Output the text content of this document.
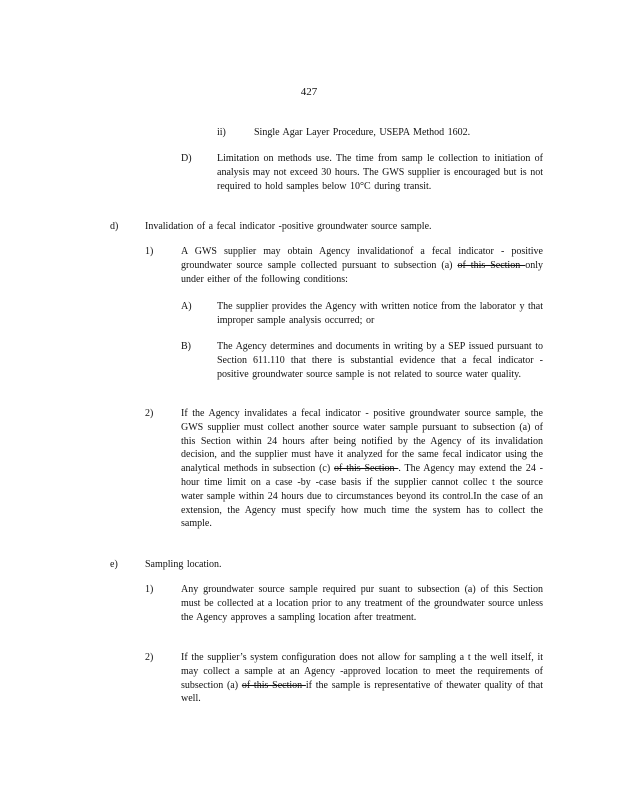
427
ii)	Single Agar Layer Procedure, USEPA Method 1602.
D)	Limitation on methods use. The time from samp le collection to initiation of analysis may not exceed 30 hours. The GWS supplier is encouraged but is not required to hold samples below 10°C during transit.
d)	Invalidation of a fecal indicator -positive groundwater source sample.
1)	A GWS supplier may obtain Agency invalidationof a fecal indicator - positive groundwater source sample collected pursuant to subsection (a) of this Section only under either of the following conditions:
A)	The supplier provides the Agency with written notice from the laborator y that improper sample analysis occurred; or
B)	The Agency determines and documents in writing by a SEP issued pursuant to Section 611.110 that there is substantial evidence that a fecal indicator -positive groundwater source sample is not related to source water quality.
2)	If the Agency invalidates a fecal indicator - positive groundwater source sample, the GWS supplier must collect another source water sample pursuant to subsection (a) of this Section within 24 hours after being notified by the Agency of its invalidation decision, and the supplier must have it analyzed for the same fecal indicator using the analytical methods in subsection (c) of this Section . The Agency may extend the 24 -hour time limit on a case -by -case basis if the supplier cannot collec t the source water sample within 24 hours due to circumstances beyond its control.In the case of an extension, the Agency must specify how much time the system has to collect the sample.
e)	Sampling location.
1)	Any groundwater source sample required pur suant to subsection (a) of this Section must be collected at a location prior to any treatment of the groundwater source unless the Agency approves a sampling location after treatment.
2)	If the supplier’s system configuration does not allow for sampling a t the well itself, it may collect a sample at an Agency -approved location to meet the requirements of subsection (a) of this Section if the sample is representative of thewater quality of that well.
